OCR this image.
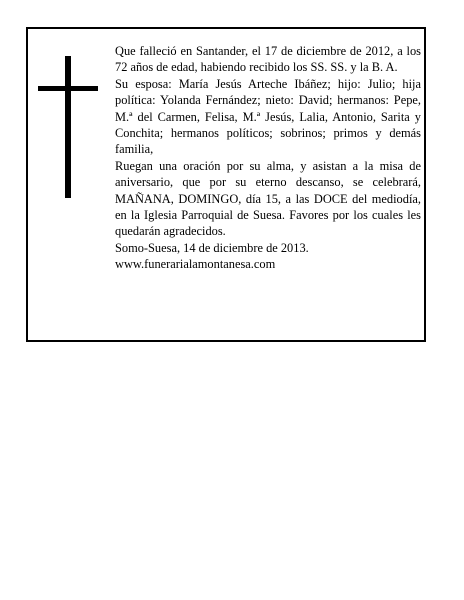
Que falleció en Santander, el 17 de diciembre de 2012, a los 72 años de edad, habiendo recibido los SS. SS. y la B. A.

Su esposa: María Jesús Arteche Ibáñez; hijo: Julio; hija política: Yolanda Fernández; nieto: David; hermanos: Pepe, M.ª del Carmen, Felisa, M.ª Jesús, Lalia, Antonio, Sarita y Conchita; hermanos políticos; sobrinos; primos y demás familia,

Ruegan una oración por su alma, y asistan a la misa de aniversario, que por su eterno descanso, se celebrará, MAÑANA, DOMINGO, día 15, a las DOCE del mediodía, en la Iglesia Parroquial de Suesa. Favores por los cuales les quedarán agradecidos.

Somo-Suesa, 14 de diciembre de 2013.

www.funerarialamontanesa.com
